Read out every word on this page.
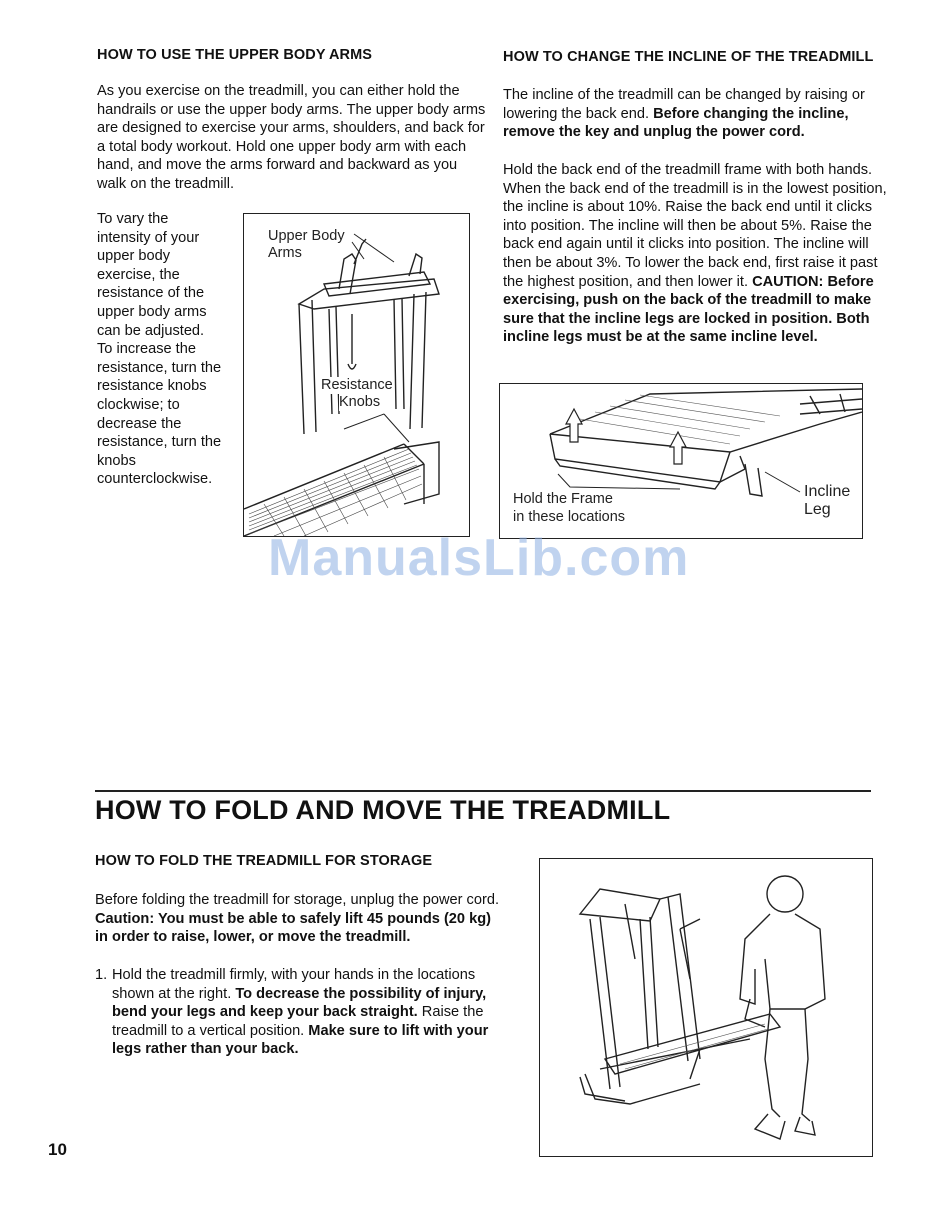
HOW TO USE THE UPPER BODY ARMS

As you exercise on the treadmill, you can either hold the handrails or use the upper body arms. The upper body arms are designed to exercise your arms, shoulders, and back for a total body workout. Hold one upper body arm with each hand, and move the arms forward and backward as you walk on the treadmill.

To vary the intensity of your upper body exercise, the resistance of the upper body arms can be adjusted. To increase the resistance, turn the resistance knobs clockwise; to decrease the resistance, turn the knobs counterclockwise.

Upper Body
Arms
Resistance
Knobs
HOW TO CHANGE THE INCLINE OF THE TREADMILL

The incline of the treadmill can be changed by raising or lowering the back end. Before changing the incline, remove the key and unplug the power cord.

Hold the back end of the treadmill frame with both hands. When the back end of the treadmill is in the lowest position, the incline is about 10%. Raise the back end until it clicks into position. The incline will then be about 5%. Raise the back end again until it clicks into position. The incline will then be about 3%. To lower the back end, first raise it past the highest position, and then lower it. CAUTION: Before exercising, push on the back of the treadmill to make sure that the incline legs are locked in position. Both incline legs must be at the same incline level.

Hold the Frame
in these locations
Incline
Leg
ManualsLib.com
HOW TO FOLD AND MOVE THE TREADMILL
HOW TO FOLD THE TREADMILL FOR STORAGE

Before folding the treadmill for storage, unplug the power cord. Caution: You must be able to safely lift 45 pounds (20 kg) in order to raise, lower, or move the treadmill.

1. Hold the treadmill firmly, with your hands in the locations shown at the right. To decrease the possibility of injury, bend your legs and keep your back straight. Raise the treadmill to a vertical position. Make sure to lift with your legs rather than your back.

10
